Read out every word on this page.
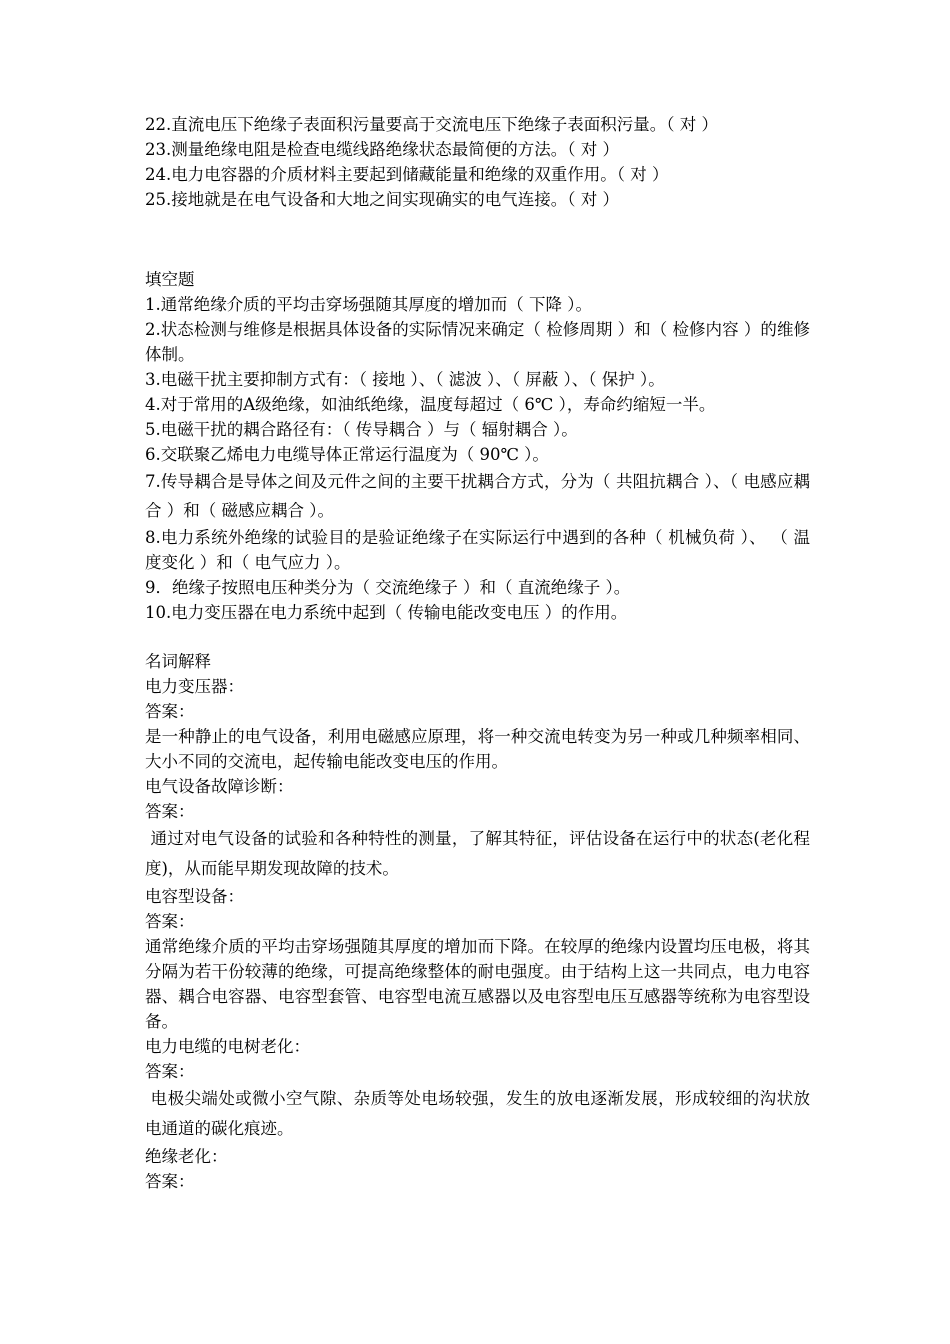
22.直流电压下绝缘子表面积污量要高于交流电压下绝缘子表面积污量。（ 对 ）
23.测量绝缘电阻是检查电缆线路绝缘状态最简便的方法。（ 对 ）
24.电力电容器的介质材料主要起到储藏能量和绝缘的双重作用。（ 对 ）
25.接地就是在电气设备和大地之间实现确实的电气连接。（ 对 ）
填空题
1.通常绝缘介质的平均击穿场强随其厚度的增加而（ 下降 ）。
2.状态检测与维修是根据具体设备的实际情况来确定（ 检修周期 ）和（ 检修内容 ）的维修体制。
3.电磁干扰主要抑制方式有：（ 接地 ）、（ 滤波 ）、（ 屏蔽 ）、（ 保护 ）。
4.对于常用的A级绝缘，如油纸绝缘，温度每超过（ 6℃ ），寿命约缩短一半。
5.电磁干扰的耦合路径有：（ 传导耦合 ）与（ 辐射耦合 ）。
6.交联聚乙烯电力电缆导体正常运行温度为（ 90℃ ）。
7.传导耦合是导体之间及元件之间的主要干扰耦合方式，分为（ 共阻抗耦合 ）、（ 电感应耦合 ）和（ 磁感应耦合 ）。
8.电力系统外绝缘的试验目的是验证绝缘子在实际运行中遇到的各种（ 机械负荷 ）、 （ 温度变化 ）和（ 电气应力 ）。
9．绝缘子按照电压种类分为（ 交流绝缘子 ）和（ 直流绝缘子 ）。
10.电力变压器在电力系统中起到（ 传输电能改变电压 ）的作用。
名词解释
电力变压器：
答案：
是一种静止的电气设备，利用电磁感应原理，将一种交流电转变为另一种或几种频率相同、大小不同的交流电，起传输电能改变电压的作用。
电气设备故障诊断：
答案：
通过对电气设备的试验和各种特性的测量，了解其特征，评估设备在运行中的状态(老化程度)，从而能早期发现故障的技术。
电容型设备：
答案：
通常绝缘介质的平均击穿场强随其厚度的增加而下降。在较厚的绝缘内设置均压电极，将其分隔为若干份较薄的绝缘，可提高绝缘整体的耐电强度。由于结构上这一共同点，电力电容器、耦合电容器、电容型套管、电容型电流互感器以及电容型电压互感器等统称为电容型设备。
电力电缆的电树老化：
答案：
电极尖端处或微小空气隙、杂质等处电场较强，发生的放电逐渐发展，形成较细的沟状放电通道的碳化痕迹。
绝缘老化：
答案：
